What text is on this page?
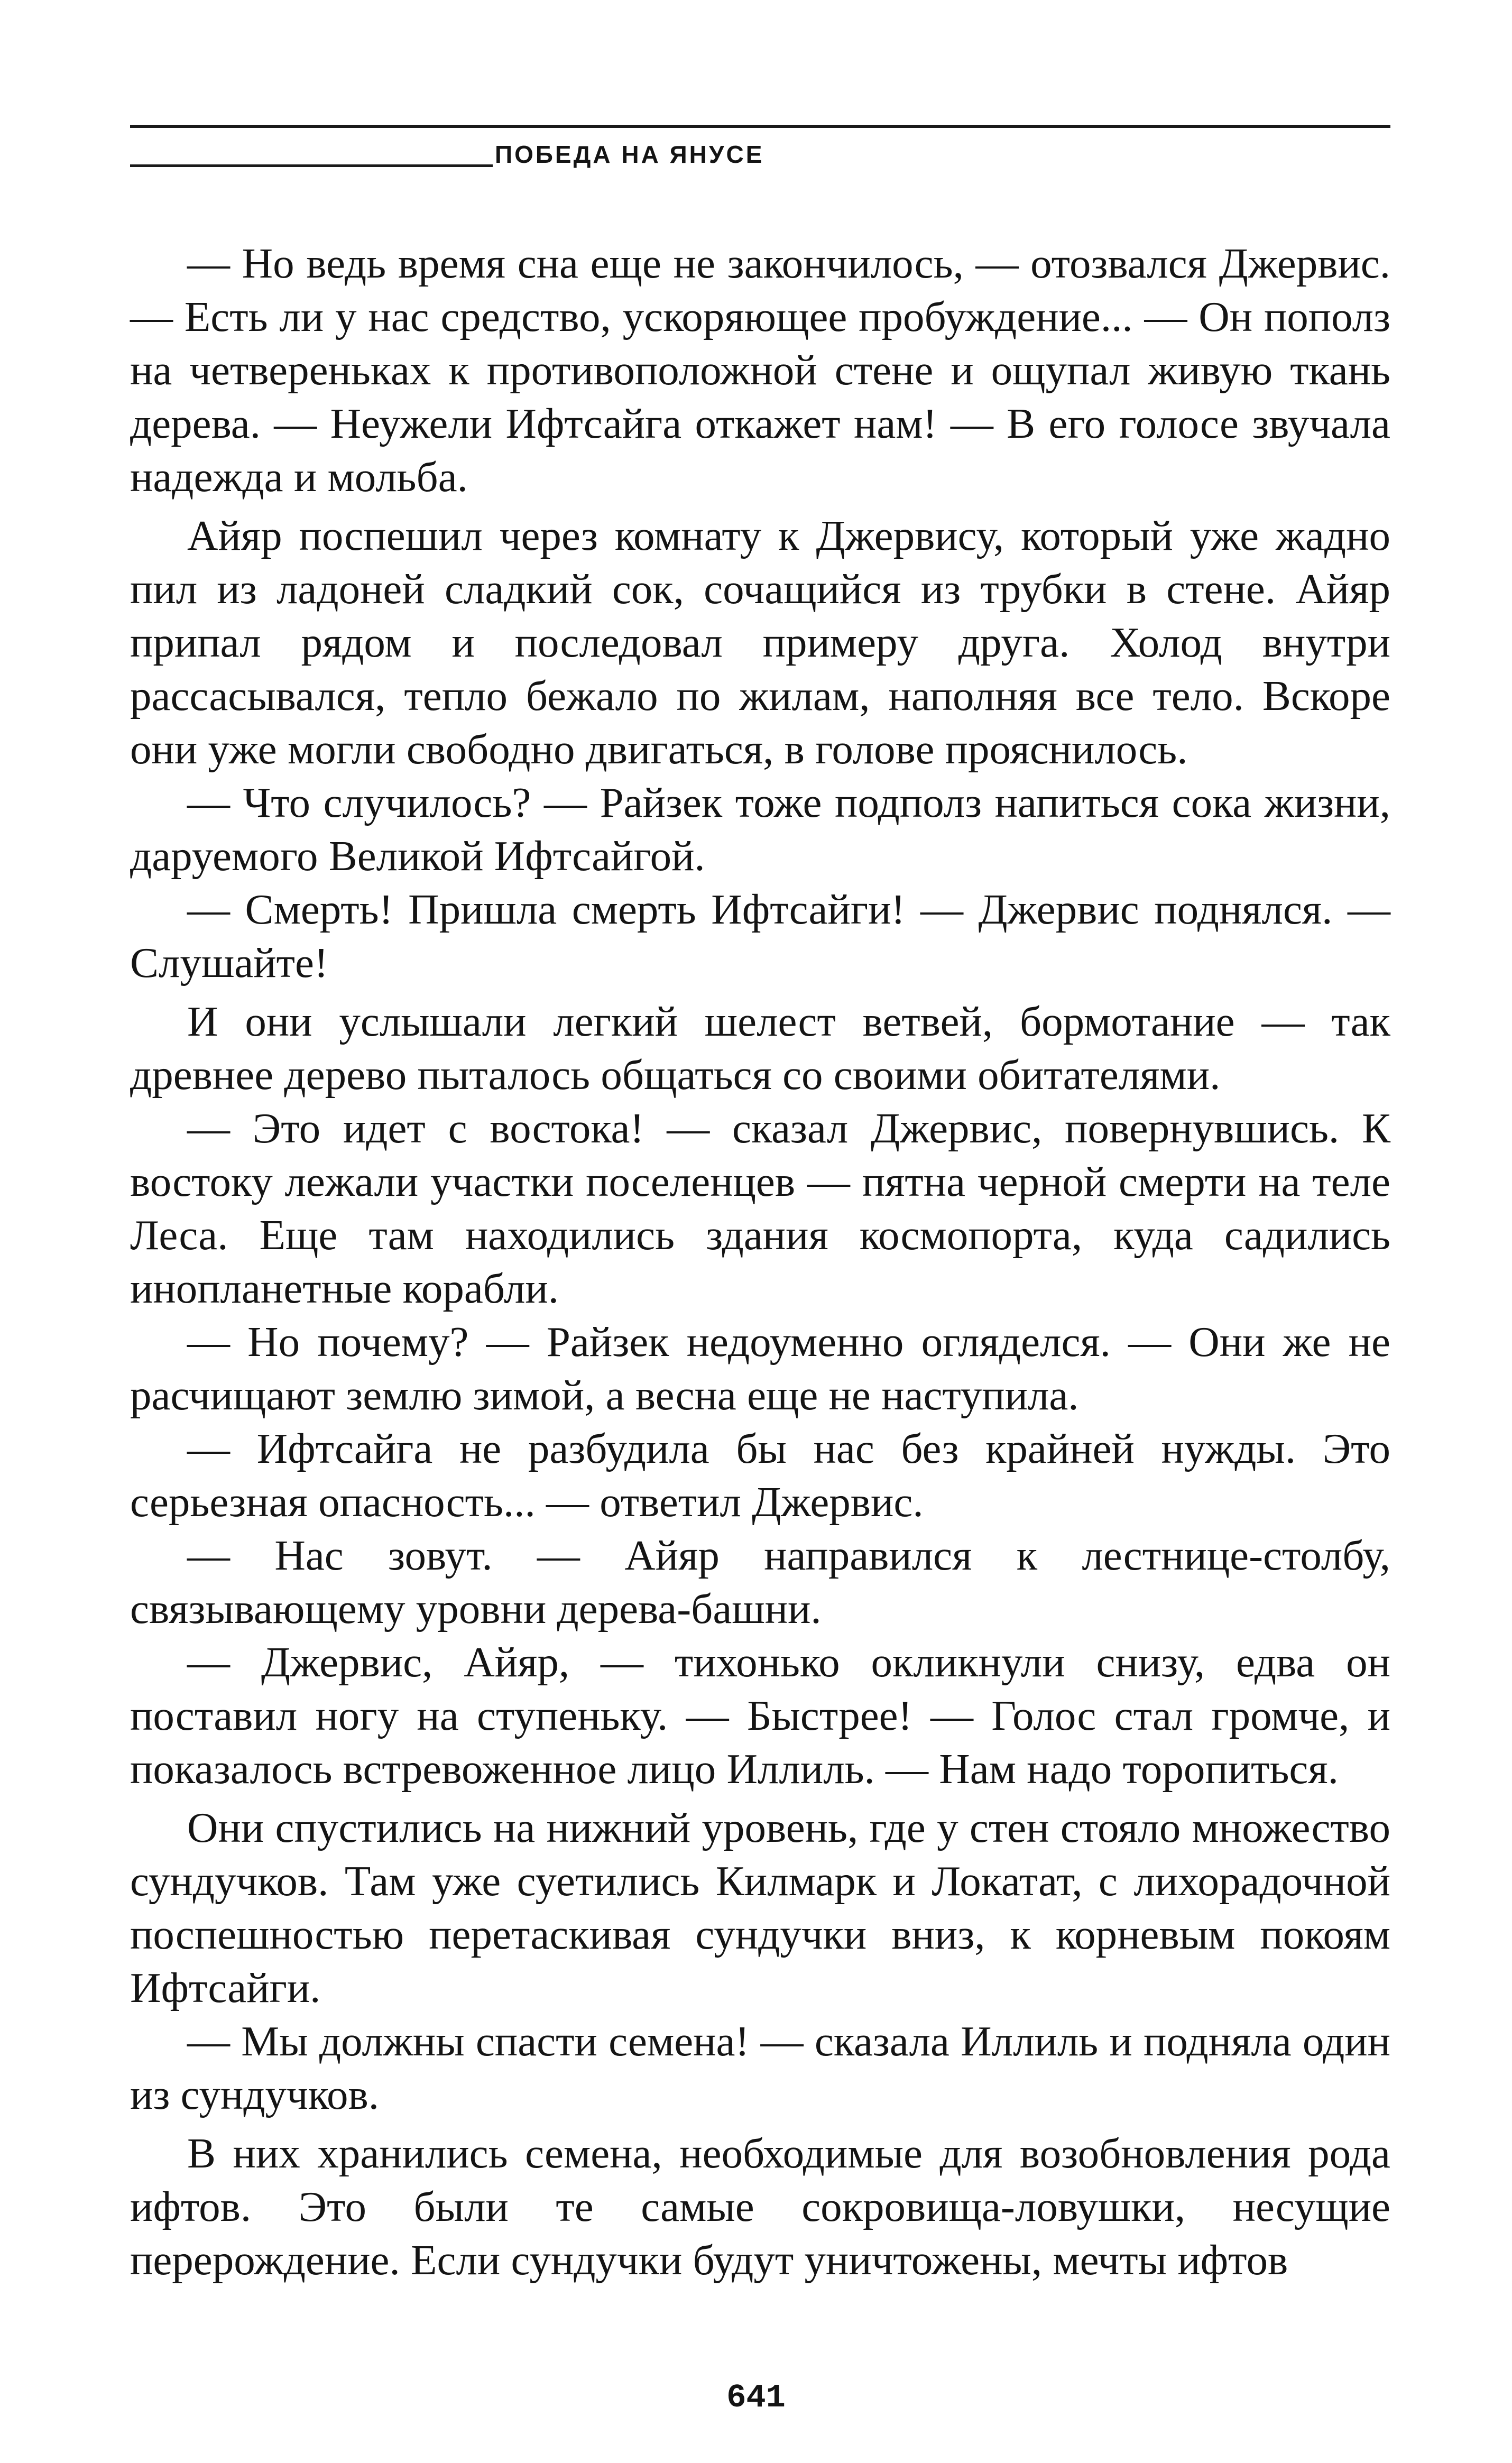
ПОБЕДА НА ЯНУСЕ

— Но ведь время сна еще не закончилось, — отозвался Джервис. — Есть ли у нас средство, ускоряющее пробуждение... — Он пополз на четвереньках к противоположной стене и ощупал живую ткань дерева. — Неужели Ифтсайга откажет нам! — В его голосе звучала надежда и мольба.

Айяр поспешил через комнату к Джервису, который уже жадно пил из ладоней сладкий сок, сочащийся из трубки в стене. Айяр припал рядом и последовал примеру друга. Холод внутри рассасывался, тепло бежало по жилам, наполняя все тело. Вскоре они уже могли свободно двигаться, в голове прояснилось.

— Что случилось? — Райзек тоже подполз напиться сока жизни, даруемого Великой Ифтсайгой.

— Смерть! Пришла смерть Ифтсайги! — Джервис поднялся. — Слушайте!

И они услышали легкий шелест ветвей, бормотание — так древнее дерево пыталось общаться со своими обитателями.

— Это идет с востока! — сказал Джервис, повернувшись. К востоку лежали участки поселенцев — пятна черной смерти на теле Леса. Еще там находились здания космопорта, куда садились инопланетные корабли.

— Но почему? — Райзек недоуменно огляделся. — Они же не расчищают землю зимой, а весна еще не наступила.

— Ифтсайга не разбудила бы нас без крайней нужды. Это серьезная опасность... — ответил Джервис.

— Нас зовут. — Айяр направился к лестнице-столбу, связывающему уровни дерева-башни.

— Джервис, Айяр, — тихонько окликнули снизу, едва он поставил ногу на ступеньку. — Быстрее! — Голос стал громче, и показалось встревоженное лицо Иллиль. — Нам надо торопиться.

Они спустились на нижний уровень, где у стен стояло множество сундучков. Там уже суетились Килмарк и Локатат, с лихорадочной поспешностью перетаскивая сундучки вниз, к корневым покоям Ифтсайги.

— Мы должны спасти семена! — сказала Иллиль и подняла один из сундучков.

В них хранились семена, необходимые для возобновления рода ифтов. Это были те самые сокровища-ловушки, несущие перерождение. Если сундучки будут уничтожены, мечты ифтов

641
